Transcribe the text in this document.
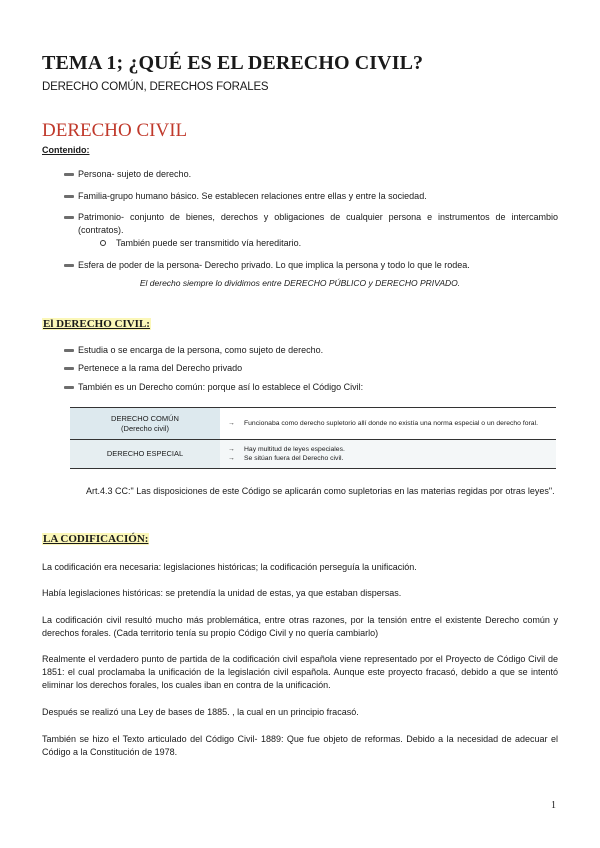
TEMA 1; ¿QUÉ ES EL DERECHO CIVIL?
DERECHO COMÚN, DERECHOS FORALES
DERECHO CIVIL
Contenido:
Persona- sujeto de derecho.
Familia-grupo humano básico. Se establecen relaciones entre ellas y entre la sociedad.
Patrimonio- conjunto de bienes, derechos y obligaciones de cualquier persona e instrumentos de intercambio (contratos).
También puede ser transmitido vía hereditario.
Esfera de poder de la persona- Derecho privado. Lo que implica la persona y todo lo que le rodea.
El derecho siempre lo dividimos entre DERECHO PÚBLICO y DERECHO PRIVADO.
El DERECHO CIVIL:
Estudia o se encarga de la persona, como sujeto de derecho.
Pertenece a la rama del Derecho privado
También es un Derecho común: porque así lo establece el Código Civil:
DERECHO COMÚN
(Derecho civil)	→	Funcionaba como derecho supletorio allí donde no existía una norma especial o un derecho foral.
DERECHO ESPECIAL	→	Hay multitud de leyes especiales.
→	Se sitúan fuera del Derecho civil.
Art.4.3 CC:" Las disposiciones de este Código se aplicarán como supletorias en las materias regidas por otras leyes".
LA CODIFICACIÓN:
La codificación era necesaria: legislaciones históricas; la codificación perseguía la unificación.
Había legislaciones históricas: se pretendía la unidad de estas, ya que estaban dispersas.
La codificación civil resultó mucho más problemática, entre otras razones, por la tensión entre el existente Derecho común y derechos forales. (Cada territorio tenía su propio Código Civil y no quería cambiarlo)
Realmente el verdadero punto de partida de la codificación civil española viene representado por el Proyecto de Código Civil de 1851: el cual proclamaba la unificación de la legislación civil española. Aunque este proyecto fracasó, debido a que se intentó eliminar los derechos forales, los cuales iban en contra de la unificación.
Después se realizó una Ley de bases de 1885. , la cual en un principio fracasó.
También se hizo el Texto articulado del Código Civil- 1889: Que fue objeto de reformas. Debido a la necesidad de adecuar el Código a la Constitución de 1978.
1
